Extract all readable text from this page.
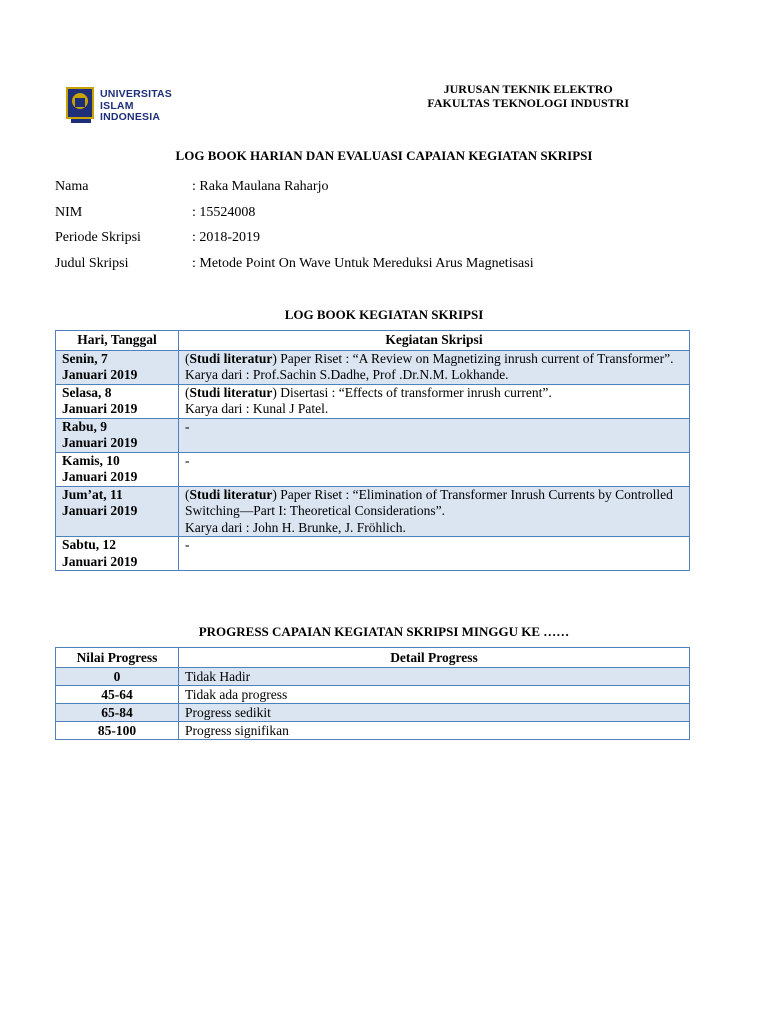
UNIVERSITAS
ISLAM
INDONESIA
JURUSAN TEKNIK ELEKTRO
FAKULTAS TEKNOLOGI INDUSTRI
LOG BOOK HARIAN DAN EVALUASI CAPAIAN KEGIATAN SKRIPSI
Nama	: Raka Maulana Raharjo
NIM	: 15524008
Periode Skripsi	: 2018-2019
Judul Skripsi	: Metode Point On Wave Untuk Mereduksi Arus Magnetisasi
LOG BOOK KEGIATAN SKRIPSI
Hari, Tanggal	Kegiatan Skripsi
Senin, 7
Januari 2019	(Studi literatur) Paper Riset : “A Review on Magnetizing inrush current of Transformer”.
Karya dari : Prof.Sachin S.Dadhe, Prof .Dr.N.M. Lokhande.
Selasa, 8
Januari 2019	(Studi literatur) Disertasi : “Effects of transformer inrush current”.
Karya dari : Kunal J Patel.
Rabu, 9
Januari 2019	-
Kamis, 10
Januari 2019	-
Jum’at, 11
Januari 2019	(Studi literatur) Paper Riset : “Elimination of Transformer Inrush Currents by Controlled Switching—Part I: Theoretical Considerations”.
Karya dari : John H. Brunke, J. Fröhlich.
Sabtu, 12
Januari 2019	-
PROGRESS CAPAIAN KEGIATAN SKRIPSI MINGGU KE ……
Nilai Progress	Detail Progress
0	Tidak Hadir
45-64	Tidak ada progress
65-84	Progress sedikit
85-100	Progress signifikan
